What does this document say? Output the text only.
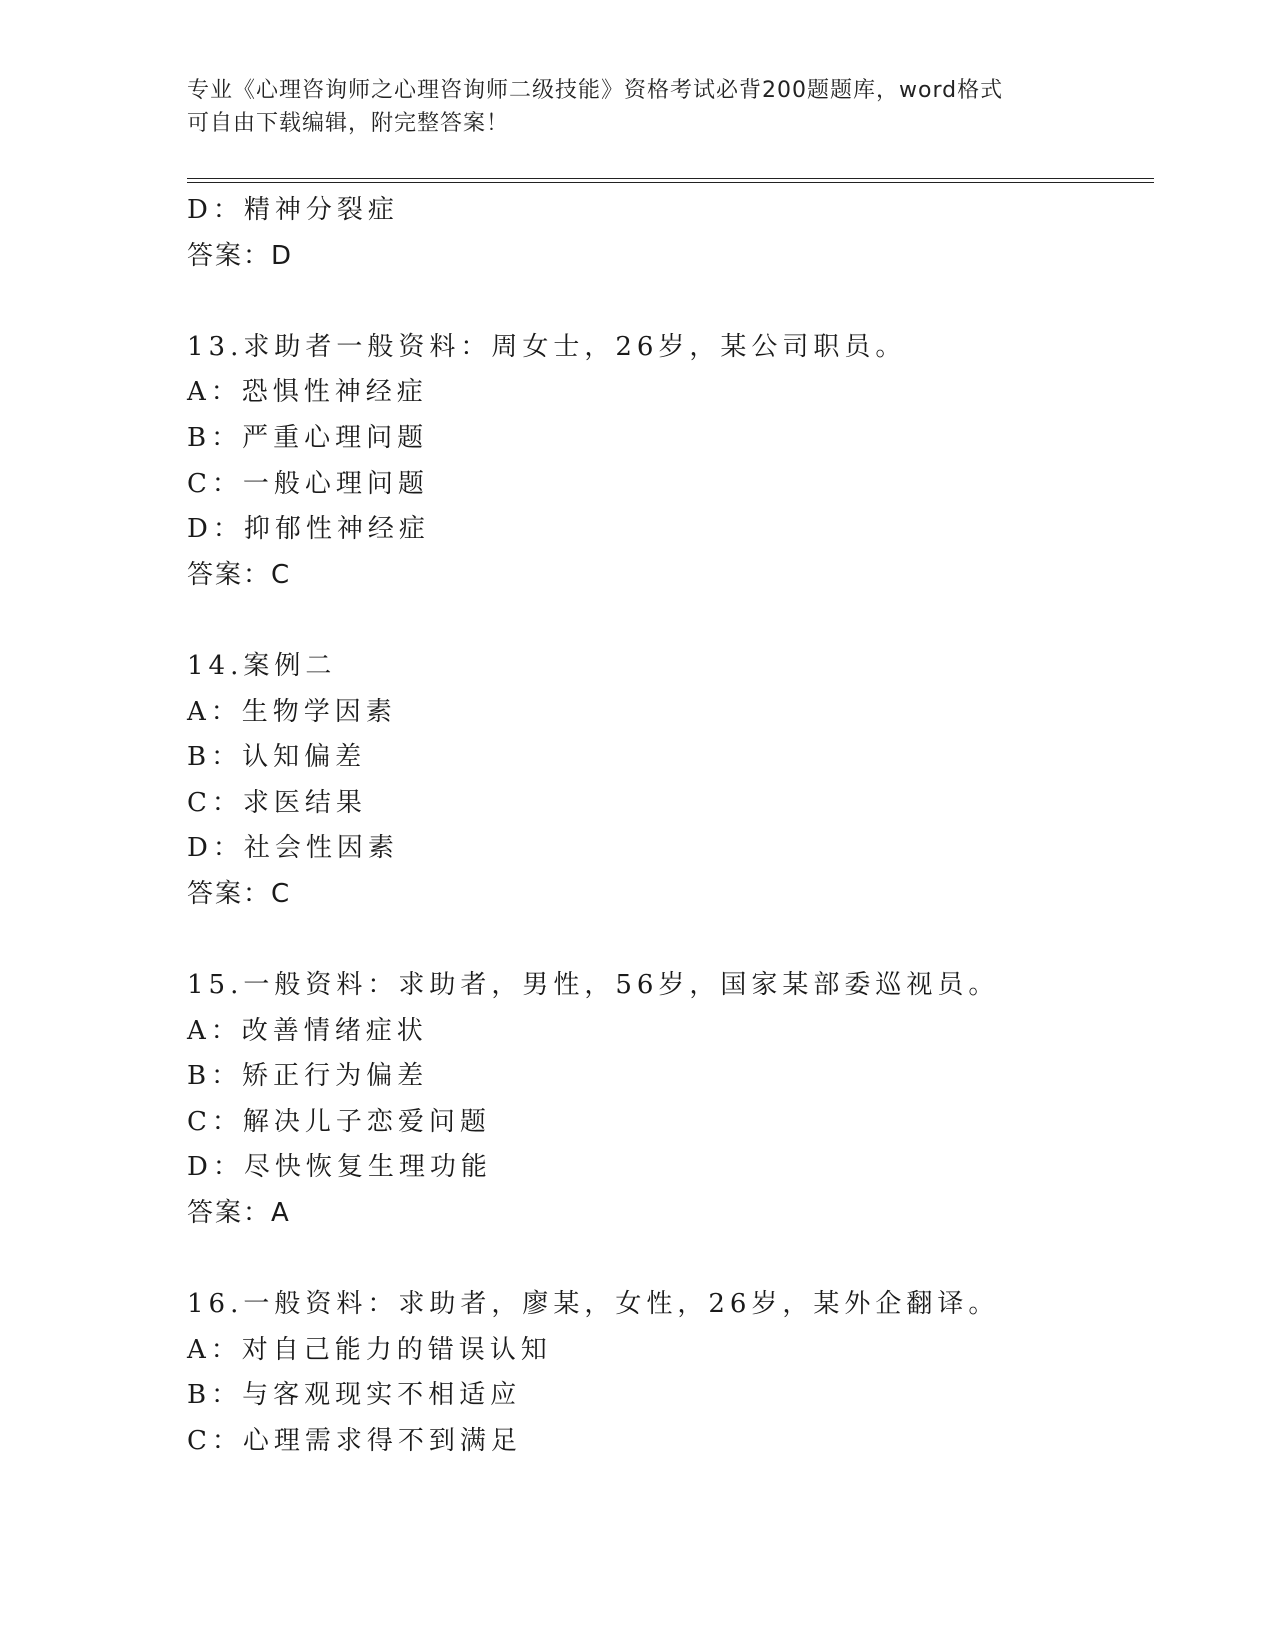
专业《心理咨询师之心理咨询师二级技能》资格考试必背200题题库，word格式
可自由下载编辑，附完整答案！
D：精神分裂症
答案：D
13.求助者一般资料：周女士，26岁，某公司职员。
A：恐惧性神经症
B：严重心理问题
C：一般心理问题
D：抑郁性神经症
答案：C
14.案例二
A：生物学因素
B：认知偏差
C：求医结果
D：社会性因素
答案：C
15.一般资料：求助者，男性，56岁，国家某部委巡视员。
A：改善情绪症状
B：矫正行为偏差
C：解决儿子恋爱问题
D：尽快恢复生理功能
答案：A
16.一般资料：求助者，廖某，女性，26岁，某外企翻译。
A：对自己能力的错误认知
B：与客观现实不相适应
C：心理需求得不到满足
